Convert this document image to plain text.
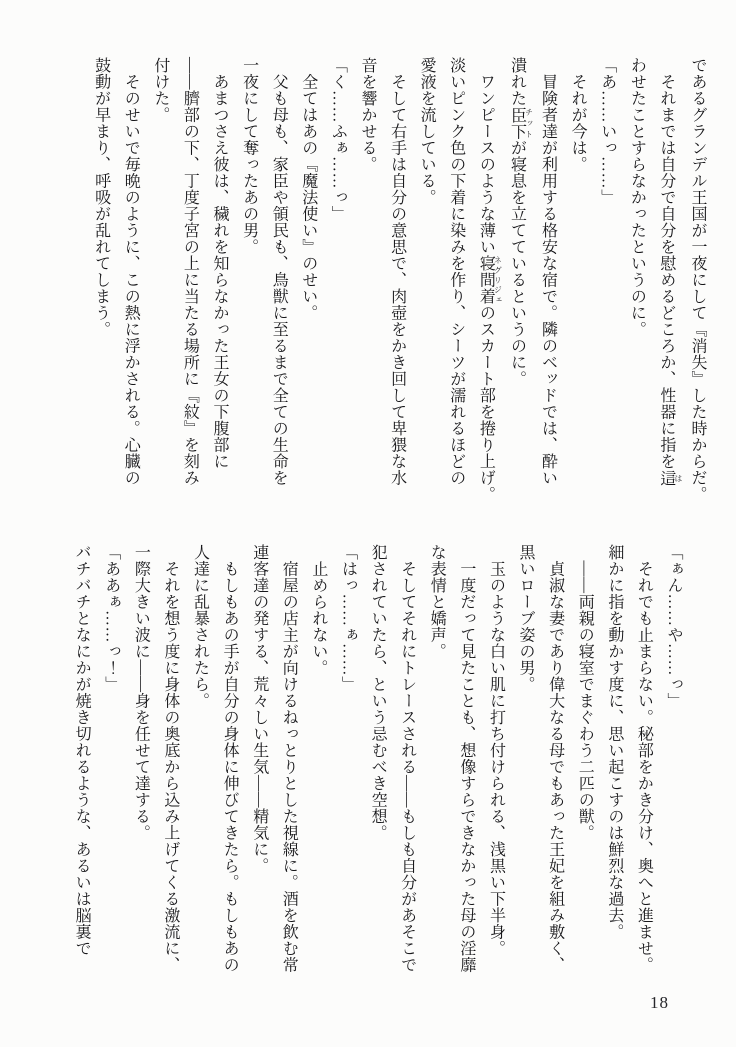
であるグランデル王国が一夜にして『消失』した時からだ。

　それまでは自分で自分を慰めるどころか、性器に指を這 は

わせたことすらなかったというのに。

「あ……いっ……」

　それが今は。

　冒険者達が利用する格安な宿で。隣のベッドでは、酔い

潰れた臣下 チットが寝息を立てているというのに。

　ワンピースのような薄い寝間着 ネグリジェのスカート部を捲り上げ。

淡いピンク色の下着に染みを作り、シーツが濡れるほどの

愛液を流している。

　そして右手は自分の意思で、肉壺をかき回して卑猥な水

音を響かせる。

「く……ふぁ……っ」

　全てはあの『魔法使い』のせい。

　父も母も、家臣や領民も、鳥獣に至るまで全ての生命を

一夜にして奪ったあの男。

　あまつさえ彼は、穢れを知らなかった王女の下腹部に

――臍部の下、丁度子宮の上に当たる場所に『紋』を刻み

付けた。

　そのせいで毎晩のように、この熱に浮かされる。心臓の

鼓動が早まり、呼吸が乱れてしまう。

「ぁん……や……っ」

　それでも止まらない。秘部をかき分け、奥へと進ませ。

細かに指を動かす度に、思い起こすのは鮮烈な過去。

　――両親の寝室でまぐわう二匹の獣。

　貞淑な妻であり偉大なる母でもあった王妃を組み敷く、

黒いローブ姿の男。

　玉のような白い肌に打ち付けられる、浅黒い下半身。

　一度だって見たことも、想像すらできなかった母の淫靡

な表情と嬌声。

　そしてそれにトレースされる――もしも自分があそこで

犯されていたら、という忌むべき空想。

「はっ……ぁ……」

　止められない。

　宿屋の店主が向けるねっとりとした視線に。酒を飲む常

連客達の発する、荒々しい生気――精気に。

　もしもあの手が自分の身体に伸びてきたら。もしもあの

人達に乱暴されたら。

　それを想う度に身体の奥底から込み上げてくる激流に、

一際大きい波に――身を任せて達する。

「ああぁ……っ！」

バチバチとなにかが焼き切れるような、あるいは脳裏で

18
